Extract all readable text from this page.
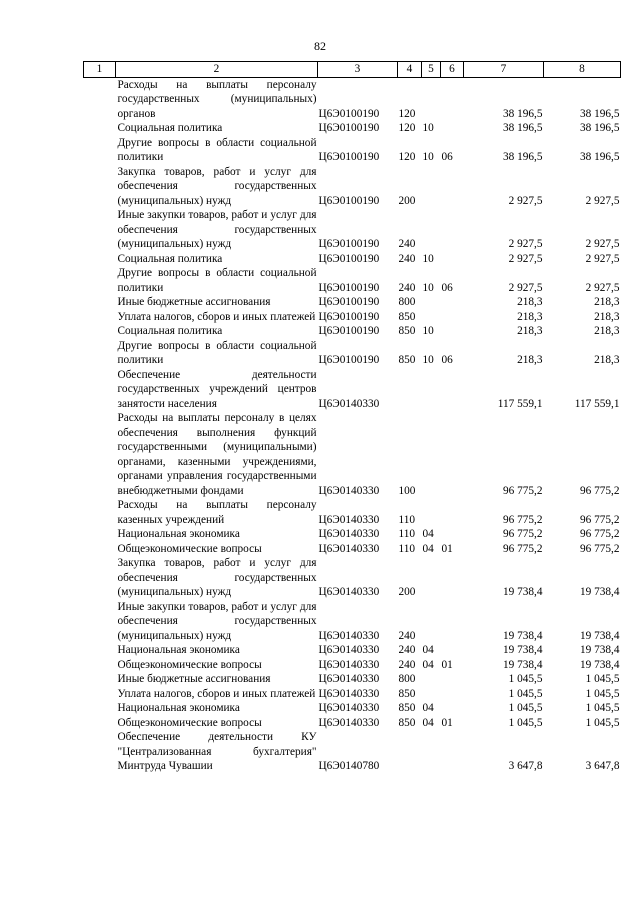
82
1	2	3	4	5	6	7	8
	Расходы на выплаты персоналу государственных (муниципальных) органов	Ц6Э0100190	120			38 196,5	38 196,5
	Социальная политика	Ц6Э0100190	120	10		38 196,5	38 196,5
	Другие вопросы в области социальной политики	Ц6Э0100190	120	10	06	38 196,5	38 196,5
	Закупка товаров, работ и услуг для обеспечения государственных (муниципальных) нужд	Ц6Э0100190	200			2 927,5	2 927,5
	Иные закупки товаров, работ и услуг для обеспечения государственных (муниципальных) нужд	Ц6Э0100190	240			2 927,5	2 927,5
	Социальная политика	Ц6Э0100190	240	10		2 927,5	2 927,5
	Другие вопросы в области социальной политики	Ц6Э0100190	240	10	06	2 927,5	2 927,5
	Иные бюджетные ассигнования	Ц6Э0100190	800			218,3	218,3
	Уплата налогов, сборов и иных платежей	Ц6Э0100190	850			218,3	218,3
	Социальная политика	Ц6Э0100190	850	10		218,3	218,3
	Другие вопросы в области социальной политики	Ц6Э0100190	850	10	06	218,3	218,3
	Обеспечение деятельности государственных учреждений центров занятости населения	Ц6Э0140330				117 559,1	117 559,1
	Расходы на выплаты персоналу в целях обеспечения выполнения функций государственными (муниципальными) органами, казенными учреждениями, органами управления государственными внебюджетными фондами	Ц6Э0140330	100			96 775,2	96 775,2
	Расходы на выплаты персоналу казенных учреждений	Ц6Э0140330	110			96 775,2	96 775,2
	Национальная экономика	Ц6Э0140330	110	04		96 775,2	96 775,2
	Общеэкономические вопросы	Ц6Э0140330	110	04	01	96 775,2	96 775,2
	Закупка товаров, работ и услуг для обеспечения государственных (муниципальных) нужд	Ц6Э0140330	200			19 738,4	19 738,4
	Иные закупки товаров, работ и услуг для обеспечения государственных (муниципальных) нужд	Ц6Э0140330	240			19 738,4	19 738,4
	Национальная экономика	Ц6Э0140330	240	04		19 738,4	19 738,4
	Общеэкономические вопросы	Ц6Э0140330	240	04	01	19 738,4	19 738,4
	Иные бюджетные ассигнования	Ц6Э0140330	800			1 045,5	1 045,5
	Уплата налогов, сборов и иных платежей	Ц6Э0140330	850			1 045,5	1 045,5
	Национальная экономика	Ц6Э0140330	850	04		1 045,5	1 045,5
	Общеэкономические вопросы	Ц6Э0140330	850	04	01	1 045,5	1 045,5
	Обеспечение деятельности КУ "Централизованная бухгалтерия" Минтруда Чувашии	Ц6Э0140780				3 647,8	3 647,8
